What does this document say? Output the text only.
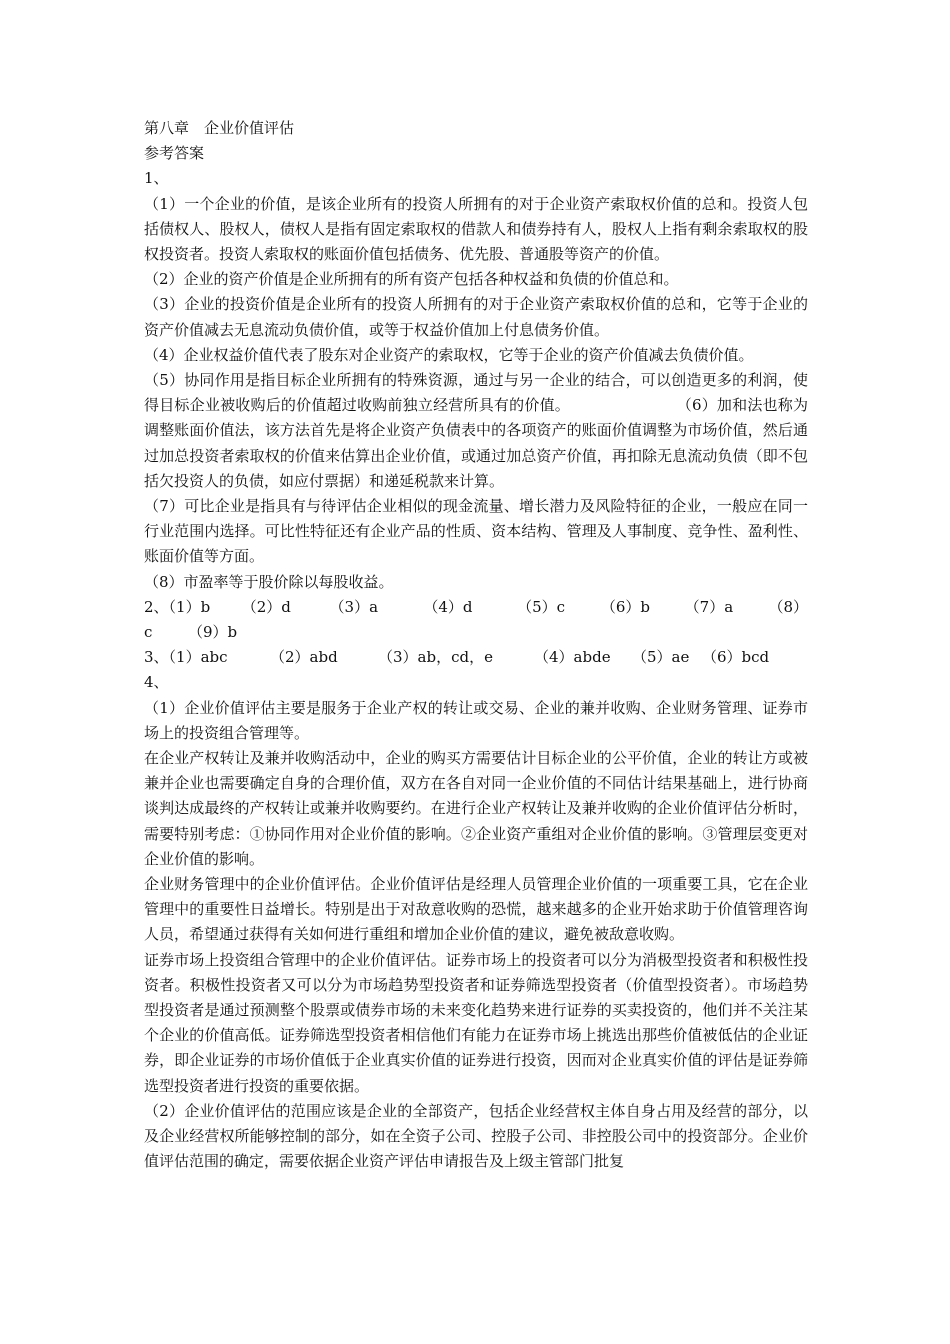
第八章　企业价值评估

参考答案

1、

（1）一个企业的价值，是该企业所有的投资人所拥有的对于企业资产索取权价值的总和。投资人包括债权人、股权人，债权人是指有固定索取权的借款人和债券持有人，股权人上指有剩余索取权的股权投资者。投资人索取权的账面价值包括债务、优先股、普通股等资产的价值。

（2）企业的资产价值是企业所拥有的所有资产包括各种权益和负债的价值总和。

（3）企业的投资价值是企业所有的投资人所拥有的对于企业资产索取权价值的总和，它等于企业的资产价值减去无息流动负债价值，或等于权益价值加上付息债务价值。

（4）企业权益价值代表了股东对企业资产的索取权，它等于企业的资产价值减去负债价值。

（5）协同作用是指目标企业所拥有的特殊资源，通过与另一企业的结合，可以创造更多的利润，使得目标企业被收购后的价值超过收购前独立经营所具有的价值。　　　　　　　　（6）加和法也称为调整账面价值法，该方法首先是将企业资产负债表中的各项资产的账面价值调整为市场价值，然后通过加总投资者索取权的价值来估算出企业价值，或通过加总资产价值，再扣除无息流动负债（即不包括欠投资人的负债，如应付票据）和递延税款来计算。

（7）可比企业是指具有与待评估企业相似的现金流量、增长潜力及风险特征的企业，一般应在同一行业范围内选择。可比性特征还有企业产品的性质、资本结构、管理及人事制度、竞争性、盈利性、账面价值等方面。

（8）市盈率等于股价除以每股收益。

2、（1）b	（2）d	（3）a	（4）d	（5）c	（6）b	（7）a	（8）
c	（9）b
3、（1）abc	（2）abd	（3）ab，cd，e	（4）abde	（5）ae （6）bcd

4、

（1）企业价值评估主要是服务于企业产权的转让或交易、企业的兼并收购、企业财务管理、证券市场上的投资组合管理等。

在企业产权转让及兼并收购活动中，企业的购买方需要估计目标企业的公平价值，企业的转让方或被兼并企业也需要确定自身的合理价值，双方在各自对同一企业价值的不同估计结果基础上，进行协商谈判达成最终的产权转让或兼并收购要约。在进行企业产权转让及兼并收购的企业价值评估分析时，需要特别考虑：①协同作用对企业价值的影响。②企业资产重组对企业价值的影响。③管理层变更对企业价值的影响。

企业财务管理中的企业价值评估。企业价值评估是经理人员管理企业价值的一项重要工具，它在企业管理中的重要性日益增长。特别是出于对敌意收购的恐慌，越来越多的企业开始求助于价值管理咨询人员，希望通过获得有关如何进行重组和增加企业价值的建议，避免被敌意收购。

证券市场上投资组合管理中的企业价值评估。证券市场上的投资者可以分为消极型投资者和积极性投资者。积极性投资者又可以分为市场趋势型投资者和证券筛选型投资者（价值型投资者）。市场趋势型投资者是通过预测整个股票或债券市场的未来变化趋势来进行证券的买卖投资的，他们并不关注某个企业的价值高低。证券筛选型投资者相信他们有能力在证券市场上挑选出那些价值被低估的企业证券，即企业证券的市场价值低于企业真实价值的证券进行投资，因而对企业真实价值的评估是证券筛选型投资者进行投资的重要依据。

（2）企业价值评估的范围应该是企业的全部资产，包括企业经营权主体自身占用及经营的部分，以及企业经营权所能够控制的部分，如在全资子公司、控股子公司、非控股公司中的投资部分。企业价值评估范围的确定，需要依据企业资产评估申请报告及上级主管部门批复
